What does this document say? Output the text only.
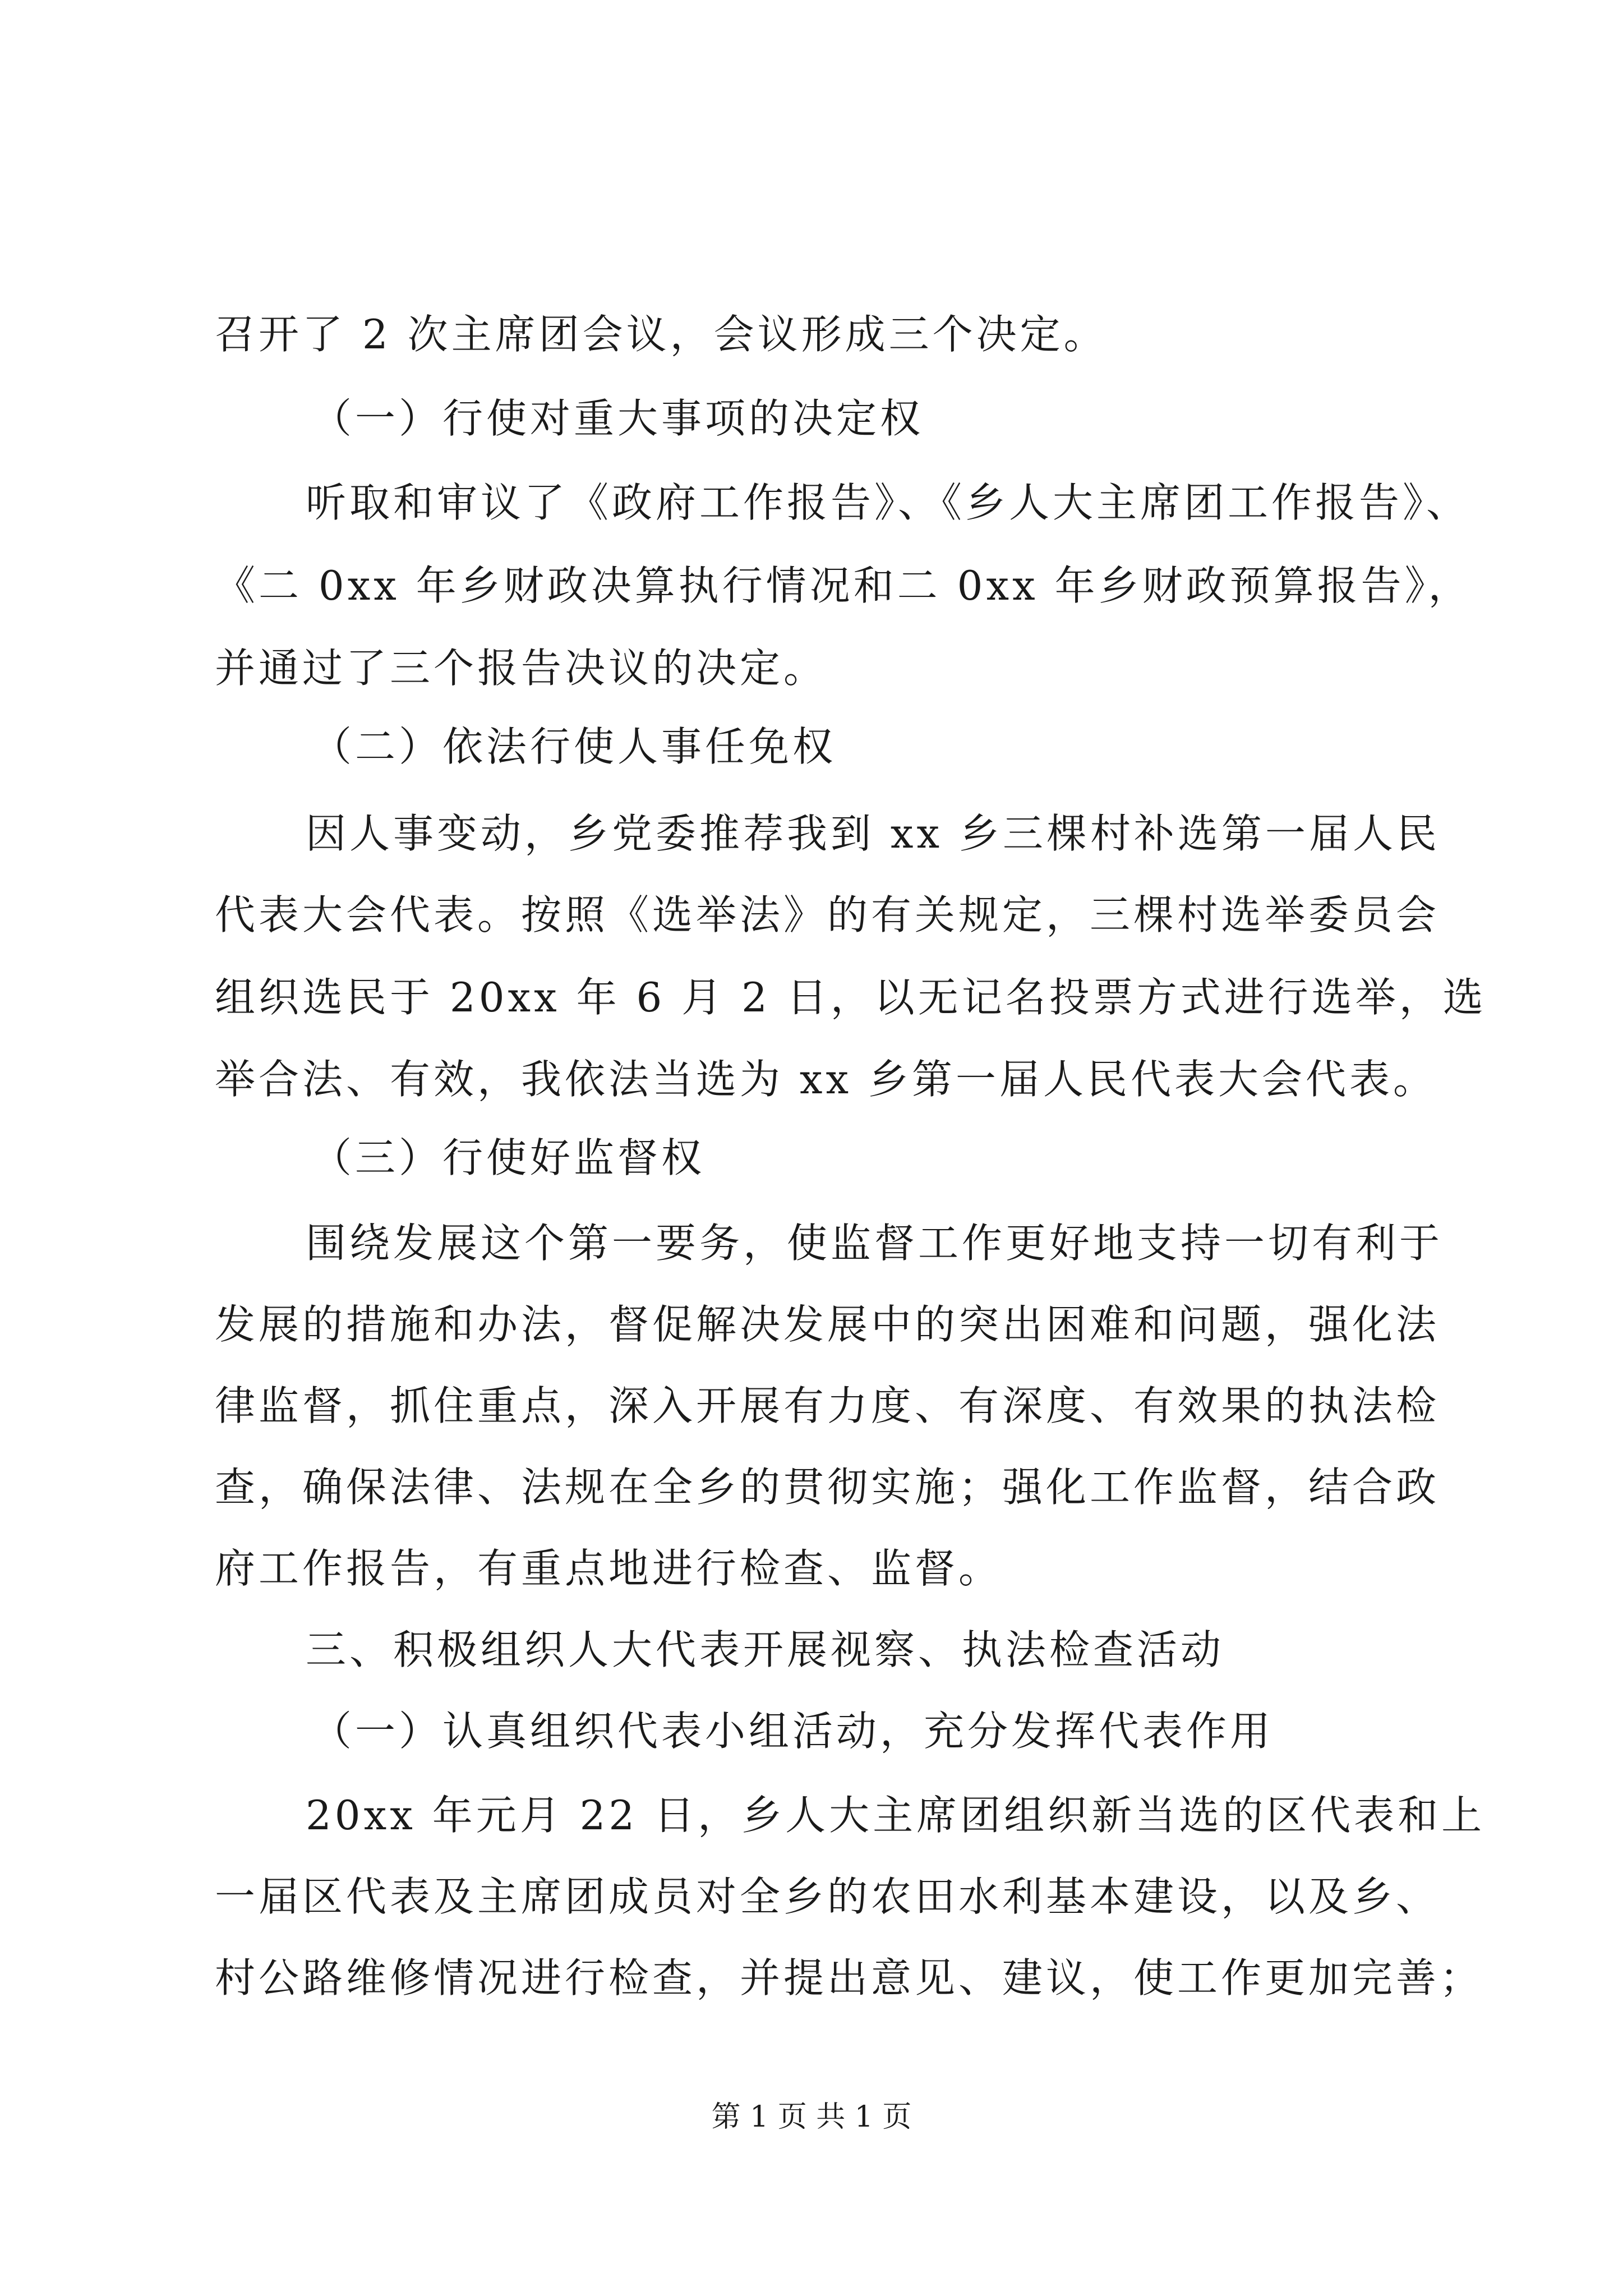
召开了 2 次主席团会议，会议形成三个决定。

（一）行使对重大事项的决定权

听取和审议了《政府工作报告》、《乡人大主席团工作报告》、

《二 0xx 年乡财政决算执行情况和二 0xx 年乡财政预算报告》，

并通过了三个报告决议的决定。

（二）依法行使人事任免权

因人事变动，乡党委推荐我到 xx 乡三棵村补选第一届人民

代表大会代表。按照《选举法》的有关规定，三棵村选举委员会

组织选民于 20xx 年 6 月 2 日，以无记名投票方式进行选举，选

举合法、有效，我依法当选为 xx 乡第一届人民代表大会代表。

（三）行使好监督权

围绕发展这个第一要务，使监督工作更好地支持一切有利于

发展的措施和办法，督促解决发展中的突出困难和问题，强化法

律监督，抓住重点，深入开展有力度、有深度、有效果的执法检

查，确保法律、法规在全乡的贯彻实施；强化工作监督，结合政

府工作报告，有重点地进行检查、监督。

三、积极组织人大代表开展视察、执法检查活动

（一）认真组织代表小组活动，充分发挥代表作用

20xx 年元月 22 日，乡人大主席团组织新当选的区代表和上

一届区代表及主席团成员对全乡的农田水利基本建设，以及乡、

村公路维修情况进行检查，并提出意见、建议，使工作更加完善；

第 1 页 共 1 页
